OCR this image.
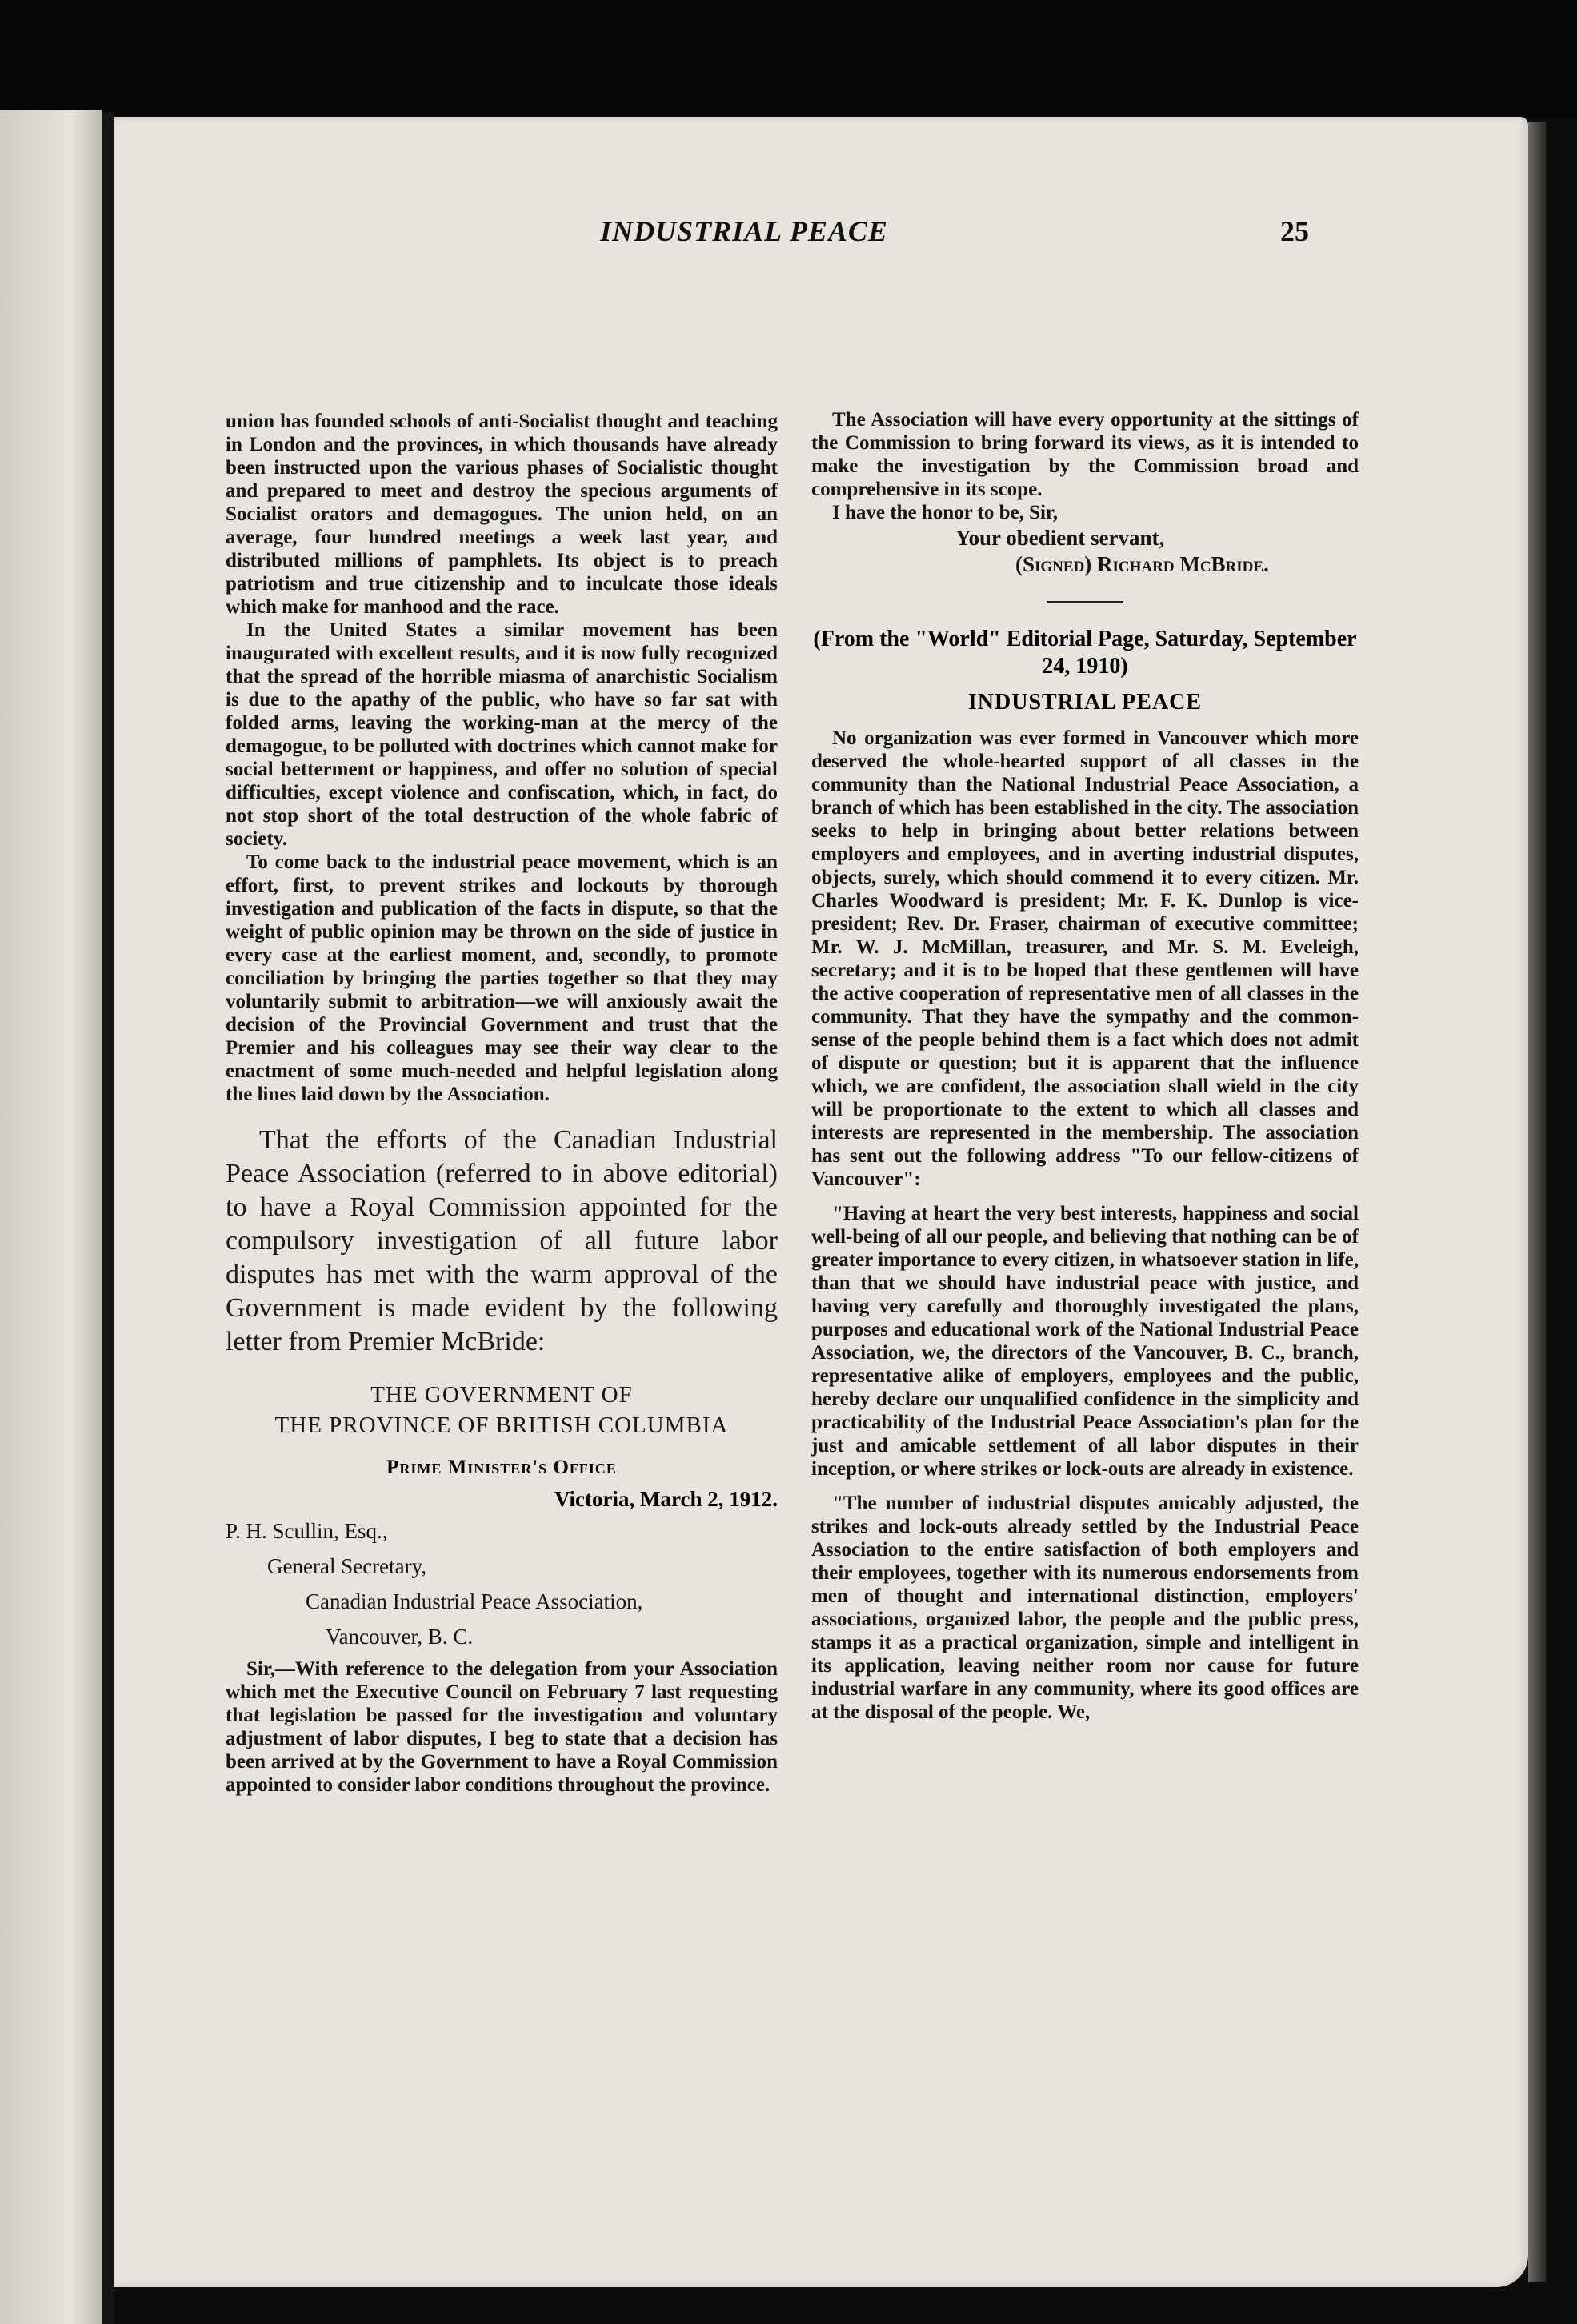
INDUSTRIAL PEACE	25

union has founded schools of anti-Socialist thought and teaching in London and the provinces, in which thousands have already been instructed upon the various phases of Socialistic thought and prepared to meet and destroy the specious arguments of Socialist orators and demagogues. The union held, on an average, four hundred meetings a week last year, and distributed millions of pamphlets. Its object is to preach patriotism and true citizenship and to inculcate those ideals which make for manhood and the race.

In the United States a similar movement has been inaugurated with excellent results, and it is now fully recognized that the spread of the horrible miasma of anarchistic Socialism is due to the apathy of the public, who have so far sat with folded arms, leaving the working-man at the mercy of the demagogue, to be polluted with doctrines which cannot make for social betterment or happiness, and offer no solution of special difficulties, except violence and confiscation, which, in fact, do not stop short of the total destruction of the whole fabric of society.

To come back to the industrial peace movement, which is an effort, first, to prevent strikes and lockouts by thorough investigation and publication of the facts in dispute, so that the weight of public opinion may be thrown on the side of justice in every case at the earliest moment, and, secondly, to promote conciliation by bringing the parties together so that they may voluntarily submit to arbitration—we will anxiously await the decision of the Provincial Government and trust that the Premier and his colleagues may see their way clear to the enactment of some much-needed and helpful legislation along the lines laid down by the Association.

That the efforts of the Canadian Industrial Peace Association (referred to in above editorial) to have a Royal Commission appointed for the compulsory investigation of all future labor disputes has met with the warm approval of the Government is made evident by the following letter from Premier McBride:

THE GOVERNMENT OF

THE PROVINCE OF BRITISH COLUMBIA

Prime Minister's Office

Victoria, March 2, 1912.

P. H. Scullin, Esq.,

General Secretary,

Canadian Industrial Peace Association,

Vancouver, B. C.

Sir,—With reference to the delegation from your Association which met the Executive Council on February 7 last requesting that legislation be passed for the investigation and voluntary adjustment of labor disputes, I beg to state that a decision has been arrived at by the Government to have a Royal Commission appointed to consider labor conditions throughout the province.

The Association will have every opportunity at the sittings of the Commission to bring forward its views, as it is intended to make the investigation by the Commission broad and comprehensive in its scope.

I have the honor to be, Sir,

Your obedient servant,

(Signed) Richard McBride.

(From the "World" Editorial Page, Saturday, September 24, 1910)

INDUSTRIAL PEACE

No organization was ever formed in Vancouver which more deserved the whole-hearted support of all classes in the community than the National Industrial Peace Association, a branch of which has been established in the city. The association seeks to help in bringing about better relations between employers and employees, and in averting industrial disputes, objects, surely, which should commend it to every citizen. Mr. Charles Woodward is president; Mr. F. K. Dunlop is vice-president; Rev. Dr. Fraser, chairman of executive committee; Mr. W. J. McMillan, treasurer, and Mr. S. M. Eveleigh, secretary; and it is to be hoped that these gentlemen will have the active cooperation of representative men of all classes in the community. That they have the sympathy and the common-sense of the people behind them is a fact which does not admit of dispute or question; but it is apparent that the influence which, we are confident, the association shall wield in the city will be proportionate to the extent to which all classes and interests are represented in the membership. The association has sent out the following address "To our fellow-citizens of Vancouver":

"Having at heart the very best interests, happiness and social well-being of all our people, and believing that nothing can be of greater importance to every citizen, in whatsoever station in life, than that we should have industrial peace with justice, and having very carefully and thoroughly investigated the plans, purposes and educational work of the National Industrial Peace Association, we, the directors of the Vancouver, B. C., branch, representative alike of employers, employees and the public, hereby declare our unqualified confidence in the simplicity and practicability of the Industrial Peace Association's plan for the just and amicable settlement of all labor disputes in their inception, or where strikes or lock-outs are already in existence.

"The number of industrial disputes amicably adjusted, the strikes and lock-outs already settled by the Industrial Peace Association to the entire satisfaction of both employers and their employees, together with its numerous endorsements from men of thought and international distinction, employers' associations, organized labor, the people and the public press, stamps it as a practical organization, simple and intelligent in its application, leaving neither room nor cause for future industrial warfare in any community, where its good offices are at the disposal of the people. We,
